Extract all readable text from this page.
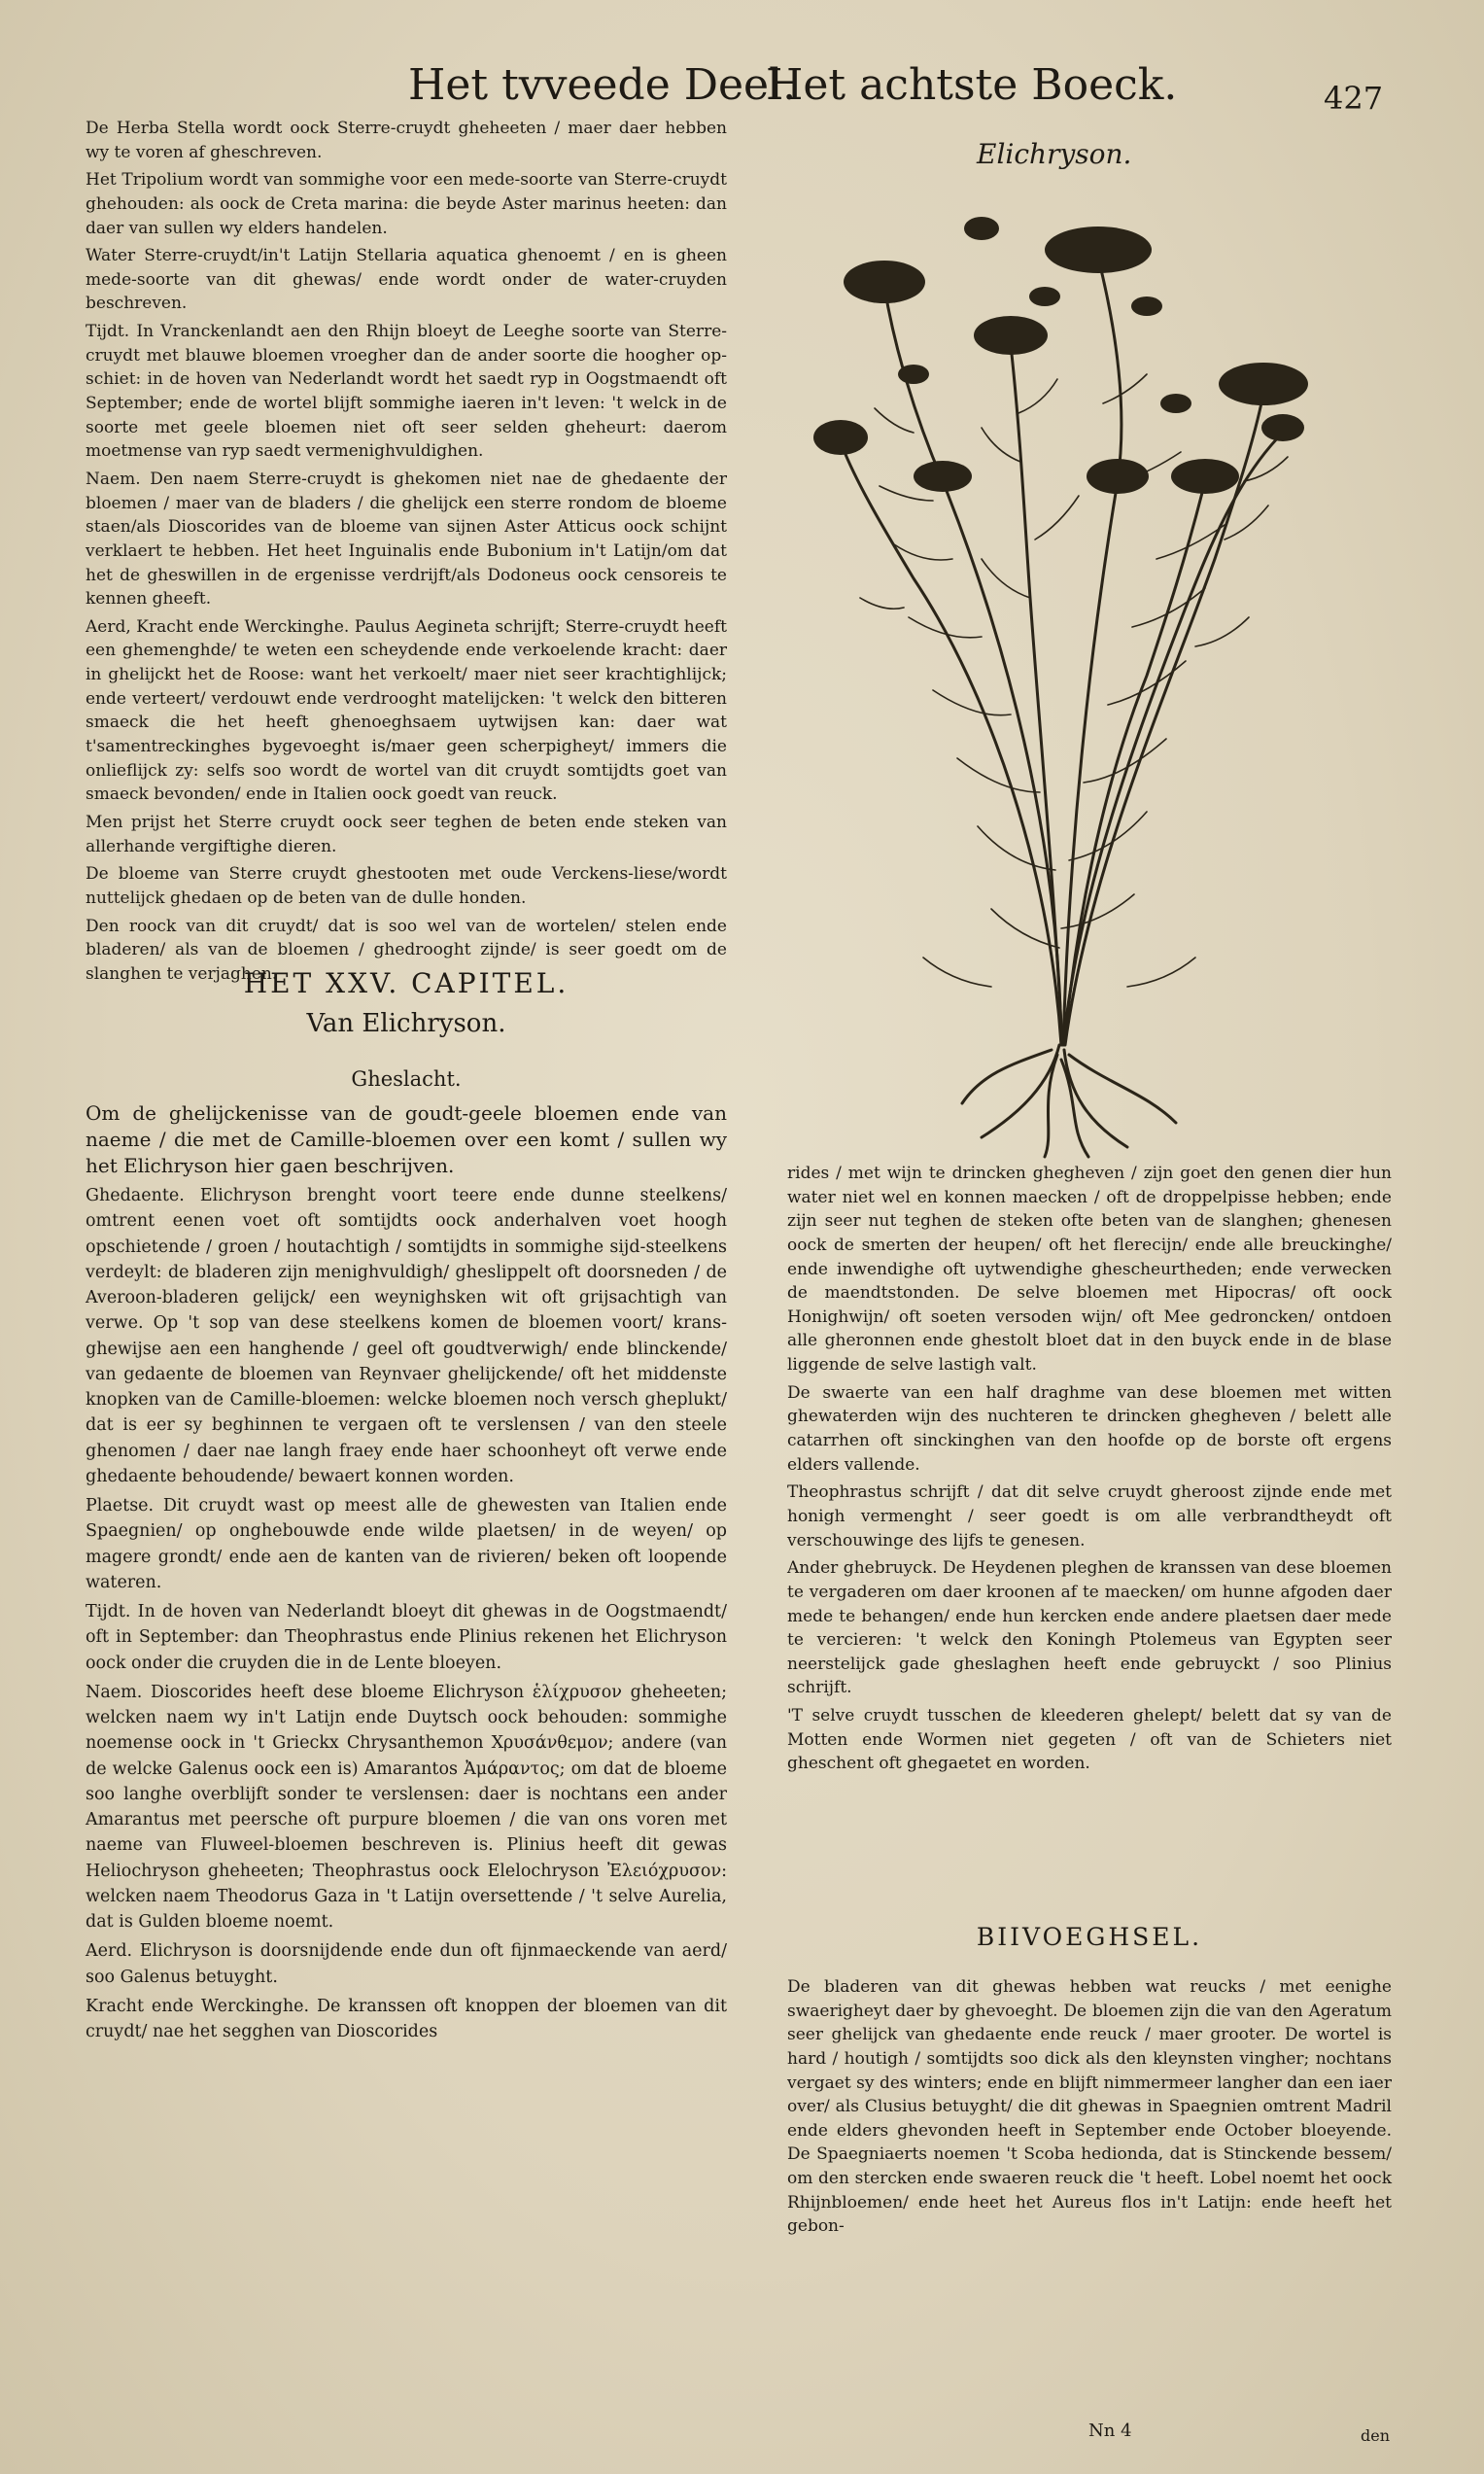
Het tvveede Deel.
Het achtste Boeck.	427

De Herba Stella wordt oock Sterre-cruydt gheheeten / maer daer hebben wy te voren af gheschreven.

Het Tripolium wordt van sommighe voor een mede-soorte van Sterre-cruydt ghehouden: als oock de Creta marina: die beyde Aster marinus heeten: dan daer van sullen wy elders handelen.

Water Sterre-cruydt/in't Latijn Stellaria aquatica ghenoemt / en is gheen mede-soorte van dit ghewas/ ende wordt onder de water-cruyden beschreven.

Tijdt. In Vranckenlandt aen den Rhijn bloeyt de Leeghe soorte van Sterre-cruydt met blauwe bloemen vroegher dan de ander soorte die hoogher op-schiet: in de hoven van Nederlandt wordt het saedt ryp in Oogstmaendt oft September; ende de wortel blijft sommighe iaeren in't leven: 't welck in de soorte met geele bloemen niet oft seer selden gheheurt: daerom moetmense van ryp saedt vermenighvuldighen.

Naem. Den naem Sterre-cruydt is ghekomen niet nae de ghedaente der bloemen / maer van de bladers / die ghelijck een sterre rondom de bloeme staen/als Dioscorides van de bloeme van sijnen Aster Atticus oock schijnt verklaert te hebben. Het heet Inguinalis ende Bubonium in't Latijn/om dat het de gheswillen in de ergenisse verdrijft/als Dodoneus oock censoreis te kennen gheeft.

Aerd, Kracht ende Werckinghe. Paulus Aegineta schrijft; Sterre-cruydt heeft een ghemenghde/ te weten een scheydende ende verkoelende kracht: daer in ghelijckt het de Roose: want het verkoelt/ maer niet seer krachtighlijck; ende verteert/ verdouwt ende verdrooght matelijcken: 't welck den bitteren smaeck die het heeft ghenoeghsaem uytwijsen kan: daer wat t'samentreckinghes bygevoeght is/maer geen scherpigheyt/ immers die onlieflijck zy: selfs soo wordt de wortel van dit cruydt somtijdts goet van smaeck bevonden/ ende in Italien oock goedt van reuck.

Men prijst het Sterre cruydt oock seer teghen de beten ende steken van allerhande vergiftighe dieren.

De bloeme van Sterre cruydt ghestooten met oude Verckens-liese/wordt nuttelijck ghedaen op de beten van de dulle honden.

Den roock van dit cruydt/ dat is soo wel van de wortelen/ stelen ende bladeren/ als van de bloemen / ghedrooght zijnde/ is seer goedt om de slanghen te verjaghen.

HET XXV. CAPITEL.

Van Elichryson.

Gheslacht.

Om de ghelijckenisse van de goudt-geele bloemen ende van naeme / die met de Camille-bloemen over een komt / sullen wy het Elichryson hier gaen beschrijven.

Ghedaente. Elichryson brenght voort teere ende dunne steelkens/ omtrent eenen voet oft somtijdts oock anderhalven voet hoogh opschietende / groen / houtachtigh / somtijdts in sommighe sijd-steelkens verdeylt: de bladeren zijn menighvuldigh/ gheslippelt oft doorsneden / de Averoon-bladeren gelijck/ een weynighsken wit oft grijsachtigh van verwe. Op 't sop van dese steelkens komen de bloemen voort/ krans-ghewijse aen een hanghende / geel oft goudtverwigh/ ende blinckende/ van gedaente de bloemen van Reynvaer ghelijckende/ oft het middenste knopken van de Camille-bloemen: welcke bloemen noch versch gheplukt/ dat is eer sy beghinnen te vergaen oft te verslensen / van den steele ghenomen / daer nae langh fraey ende haer schoonheyt oft verwe ende ghedaente behoudende/ bewaert konnen worden.

Plaetse. Dit cruydt wast op meest alle de ghewesten van Italien ende Spaegnien/ op onghebouwde ende wilde plaetsen/ in de weyen/ op magere grondt/ ende aen de kanten van de rivieren/ beken oft loopende wateren.

Tijdt. In de hoven van Nederlandt bloeyt dit ghewas in de Oogstmaendt/ oft in September: dan Theophrastus ende Plinius rekenen het Elichryson oock onder die cruyden die in de Lente bloeyen.

Naem. Dioscorides heeft dese bloeme Elichryson ἑλίχρυσον gheheeten; welcken naem wy in't Latijn ende Duytsch oock behouden: sommighe noemense oock in 't Grieckx Chrysanthemon Χρυσάνθεμον; andere (van de welcke Galenus oock een is) Amarantos Ἀμάραντος; om dat de bloeme soo langhe overblijft sonder te verslensen: daer is nochtans een ander Amarantus met peersche oft purpure bloemen / die van ons voren met naeme van Fluweel-bloemen beschreven is. Plinius heeft dit gewas Heliochryson gheheeten; Theophrastus oock Elelochryson Ἐλειόχρυσον: welcken naem Theodorus Gaza in 't Latijn oversettende / 't selve Aurelia, dat is Gulden bloeme noemt.

Aerd. Elichryson is doorsnijdende ende dun oft fijnmaeckende van aerd/ soo Galenus betuyght.

Kracht ende Werckinghe. De kranssen oft knoppen der bloemen van dit cruydt/ nae het segghen van Dioscorides

Elichryson.

rides / met wijn te drincken ghegheven / zijn goet den genen dier hun water niet wel en konnen maecken / oft de droppelpisse hebben; ende zijn seer nut teghen de steken ofte beten van de slanghen; ghenesen oock de smerten der heupen/ oft het flerecijn/ ende alle breuckinghe/ ende inwendighe oft uytwendighe ghescheurtheden; ende verwecken de maendtstonden. De selve bloemen met Hipocras/ oft oock Honighwijn/ oft soeten versoden wijn/ oft Mee gedroncken/ ontdoen alle gheronnen ende ghestolt bloet dat in den buyck ende in de blase liggende de selve lastigh valt.

De swaerte van een half draghme van dese bloemen met witten ghewaterden wijn des nuchteren te drincken ghegheven / belett alle catarrhen oft sinckinghen van den hoofde op de borste oft ergens elders vallende.

Theophrastus schrijft / dat dit selve cruydt gheroost zijnde ende met honigh vermenght / seer goedt is om alle verbrandtheydt oft verschouwinge des lijfs te genesen.

Ander ghebruyck. De Heydenen pleghen de kranssen van dese bloemen te vergaderen om daer kroonen af te maecken/ om hunne afgoden daer mede te behangen/ ende hun kercken ende andere plaetsen daer mede te vercieren: 't welck den Koningh Ptolemeus van Egypten seer neerstelijck gade gheslaghen heeft ende gebruyckt / soo Plinius schrijft.

'T selve cruydt tusschen de kleederen ghelept/ belett dat sy van de Motten ende Wormen niet gegeten / oft van de Schieters niet gheschent oft ghegaetet en worden.

BIIVOEGHSEL.

De bladeren van dit ghewas hebben wat reucks / met eenighe swaerigheyt daer by ghevoeght. De bloemen zijn die van den Ageratum seer ghelijck van ghedaente ende reuck / maer grooter. De wortel is hard / houtigh / somtijdts soo dick als den kleynsten vingher; nochtans vergaet sy des winters; ende en blijft nimmermeer langher dan een iaer over/ als Clusius betuyght/ die dit ghewas in Spaegnien omtrent Madril ende elders ghevonden heeft in September ende October bloeyende. De Spaegniaerts noemen 't Scoba hedionda, dat is Stinckende bessem/ om den stercken ende swaeren reuck die 't heeft. Lobel noemt het oock Rhijnbloemen/ ende heet het Aureus flos in't Latijn: ende heeft het gebon-

Nn 4	den
